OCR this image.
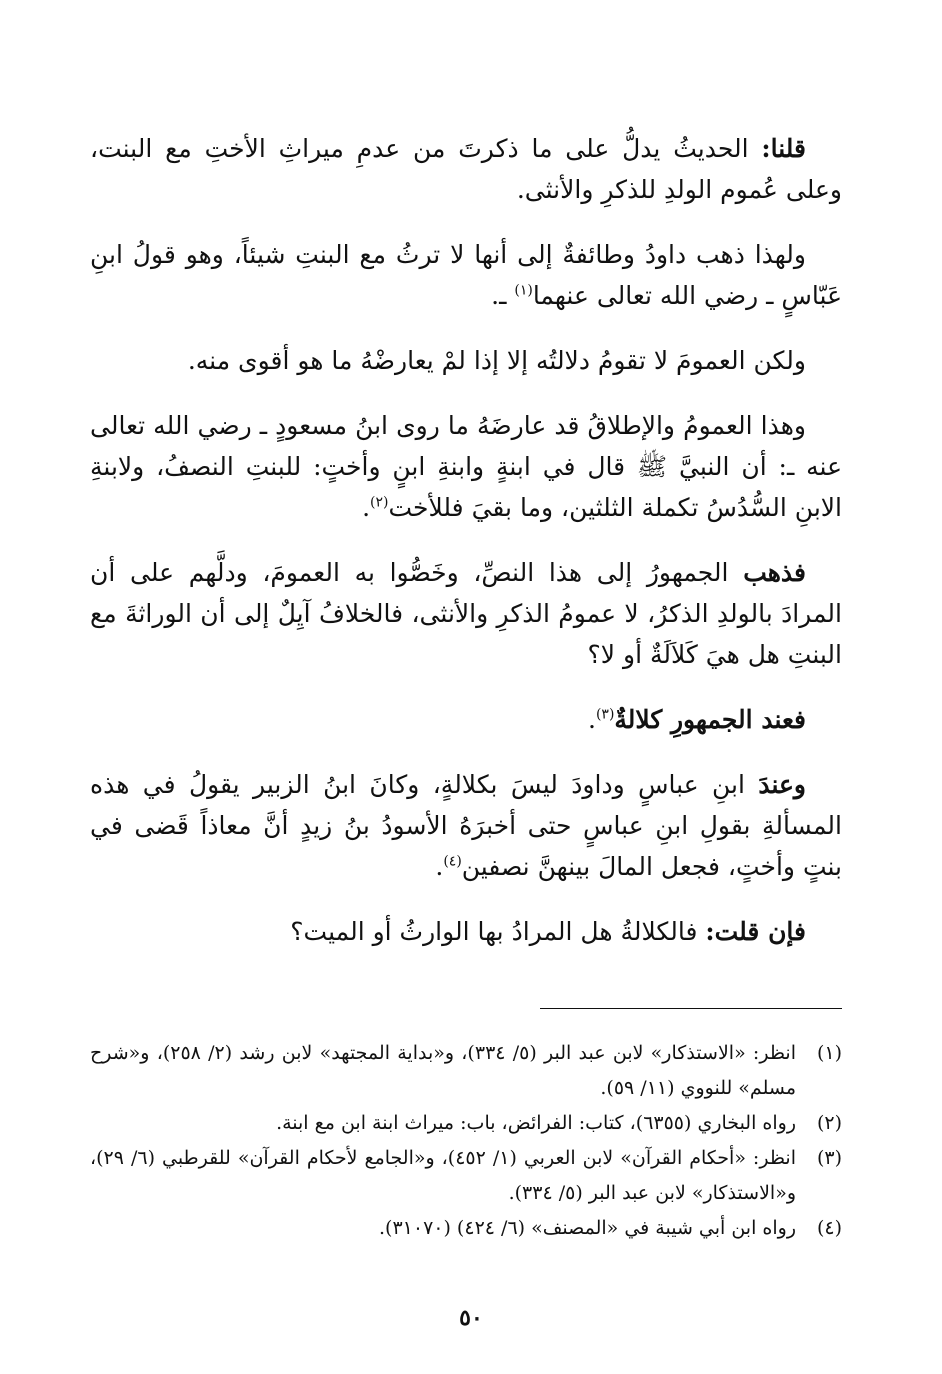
قلنا: الحديثُ يدلُّ على ما ذكرتَ من عدمِ ميراثِ الأختِ مع البنت، وعلى عُموم الولدِ للذكرِ والأنثى.

ولهذا ذهب داودُ وطائفةٌ إلى أنها لا ترثُ مع البنتِ شيئاً، وهو قولُ ابنِ عَبّاسٍ ـ رضي الله تعالى عنهما$^{(١)}$ ـ.

ولكن العمومَ لا تقومُ دلالتُه إلا إذا لمْ يعارضْهُ ما هو أقوى منه.

وهذا العمومُ والإطلاقُ قد عارضَهُ ما روى ابنُ مسعودٍ ـ رضي الله تعالى عنه ـ: أن النبيَّ ﷺ قال في ابنةٍ وابنةِ ابنٍ وأختٍ: للبنتِ النصفُ، ولابنةِ الابنِ السُّدُسُ تكملة الثلثين، وما بقيَ فللأخت$^{(٢)}$.

فذهب الجمهورُ إلى هذا النصِّ، وخَصُّوا به العمومَ، ودلَّهم على أن المرادَ بالولدِ الذكرُ، لا عمومُ الذكرِ والأنثى، فالخلافُ آيِلٌ إلى أن الوراثةَ مع البنتِ هل هيَ كَلاَلَةٌ أو لا؟

فعند الجمهورِ كلالةٌ$^{(٣)}$.

وعندَ ابنِ عباسٍ وداودَ ليسَ بكلالةٍ، وكانَ ابنُ الزبير يقولُ في هذه المسألةِ بقولِ ابنِ عباسٍ حتى أخبرَهُ الأسودُ بنُ زيدٍ أنَّ معاذاً قَضى في بنتٍ وأختٍ، فجعل المالَ بينهنَّ نصفين$^{(٤)}$.

فإن قلت: فالكلالةُ هل المرادُ بها الوارثُ أو الميت؟

(١)
انظر: «الاستذكار» لابن عبد البر (٥/ ٣٣٤)، و«بداية المجتهد» لابن رشد (٢/ ٢٥٨)، و«شرح مسلم» للنووي (١١/ ٥٩).
(٢)
رواه البخاري (٦٣٥٥)، كتاب: الفرائض، باب: ميراث ابنة ابن مع ابنة.
(٣)
انظر: «أحكام القرآن» لابن العربي (١/ ٤٥٢)، و«الجامع لأحكام القرآن» للقرطبي (٦/ ٢٩)، و«الاستذكار» لابن عبد البر (٥/ ٣٣٤).
(٤)
رواه ابن أبي شيبة في «المصنف» (٦/ ٤٢٤) (٣١٠٧٠).
٥٠
